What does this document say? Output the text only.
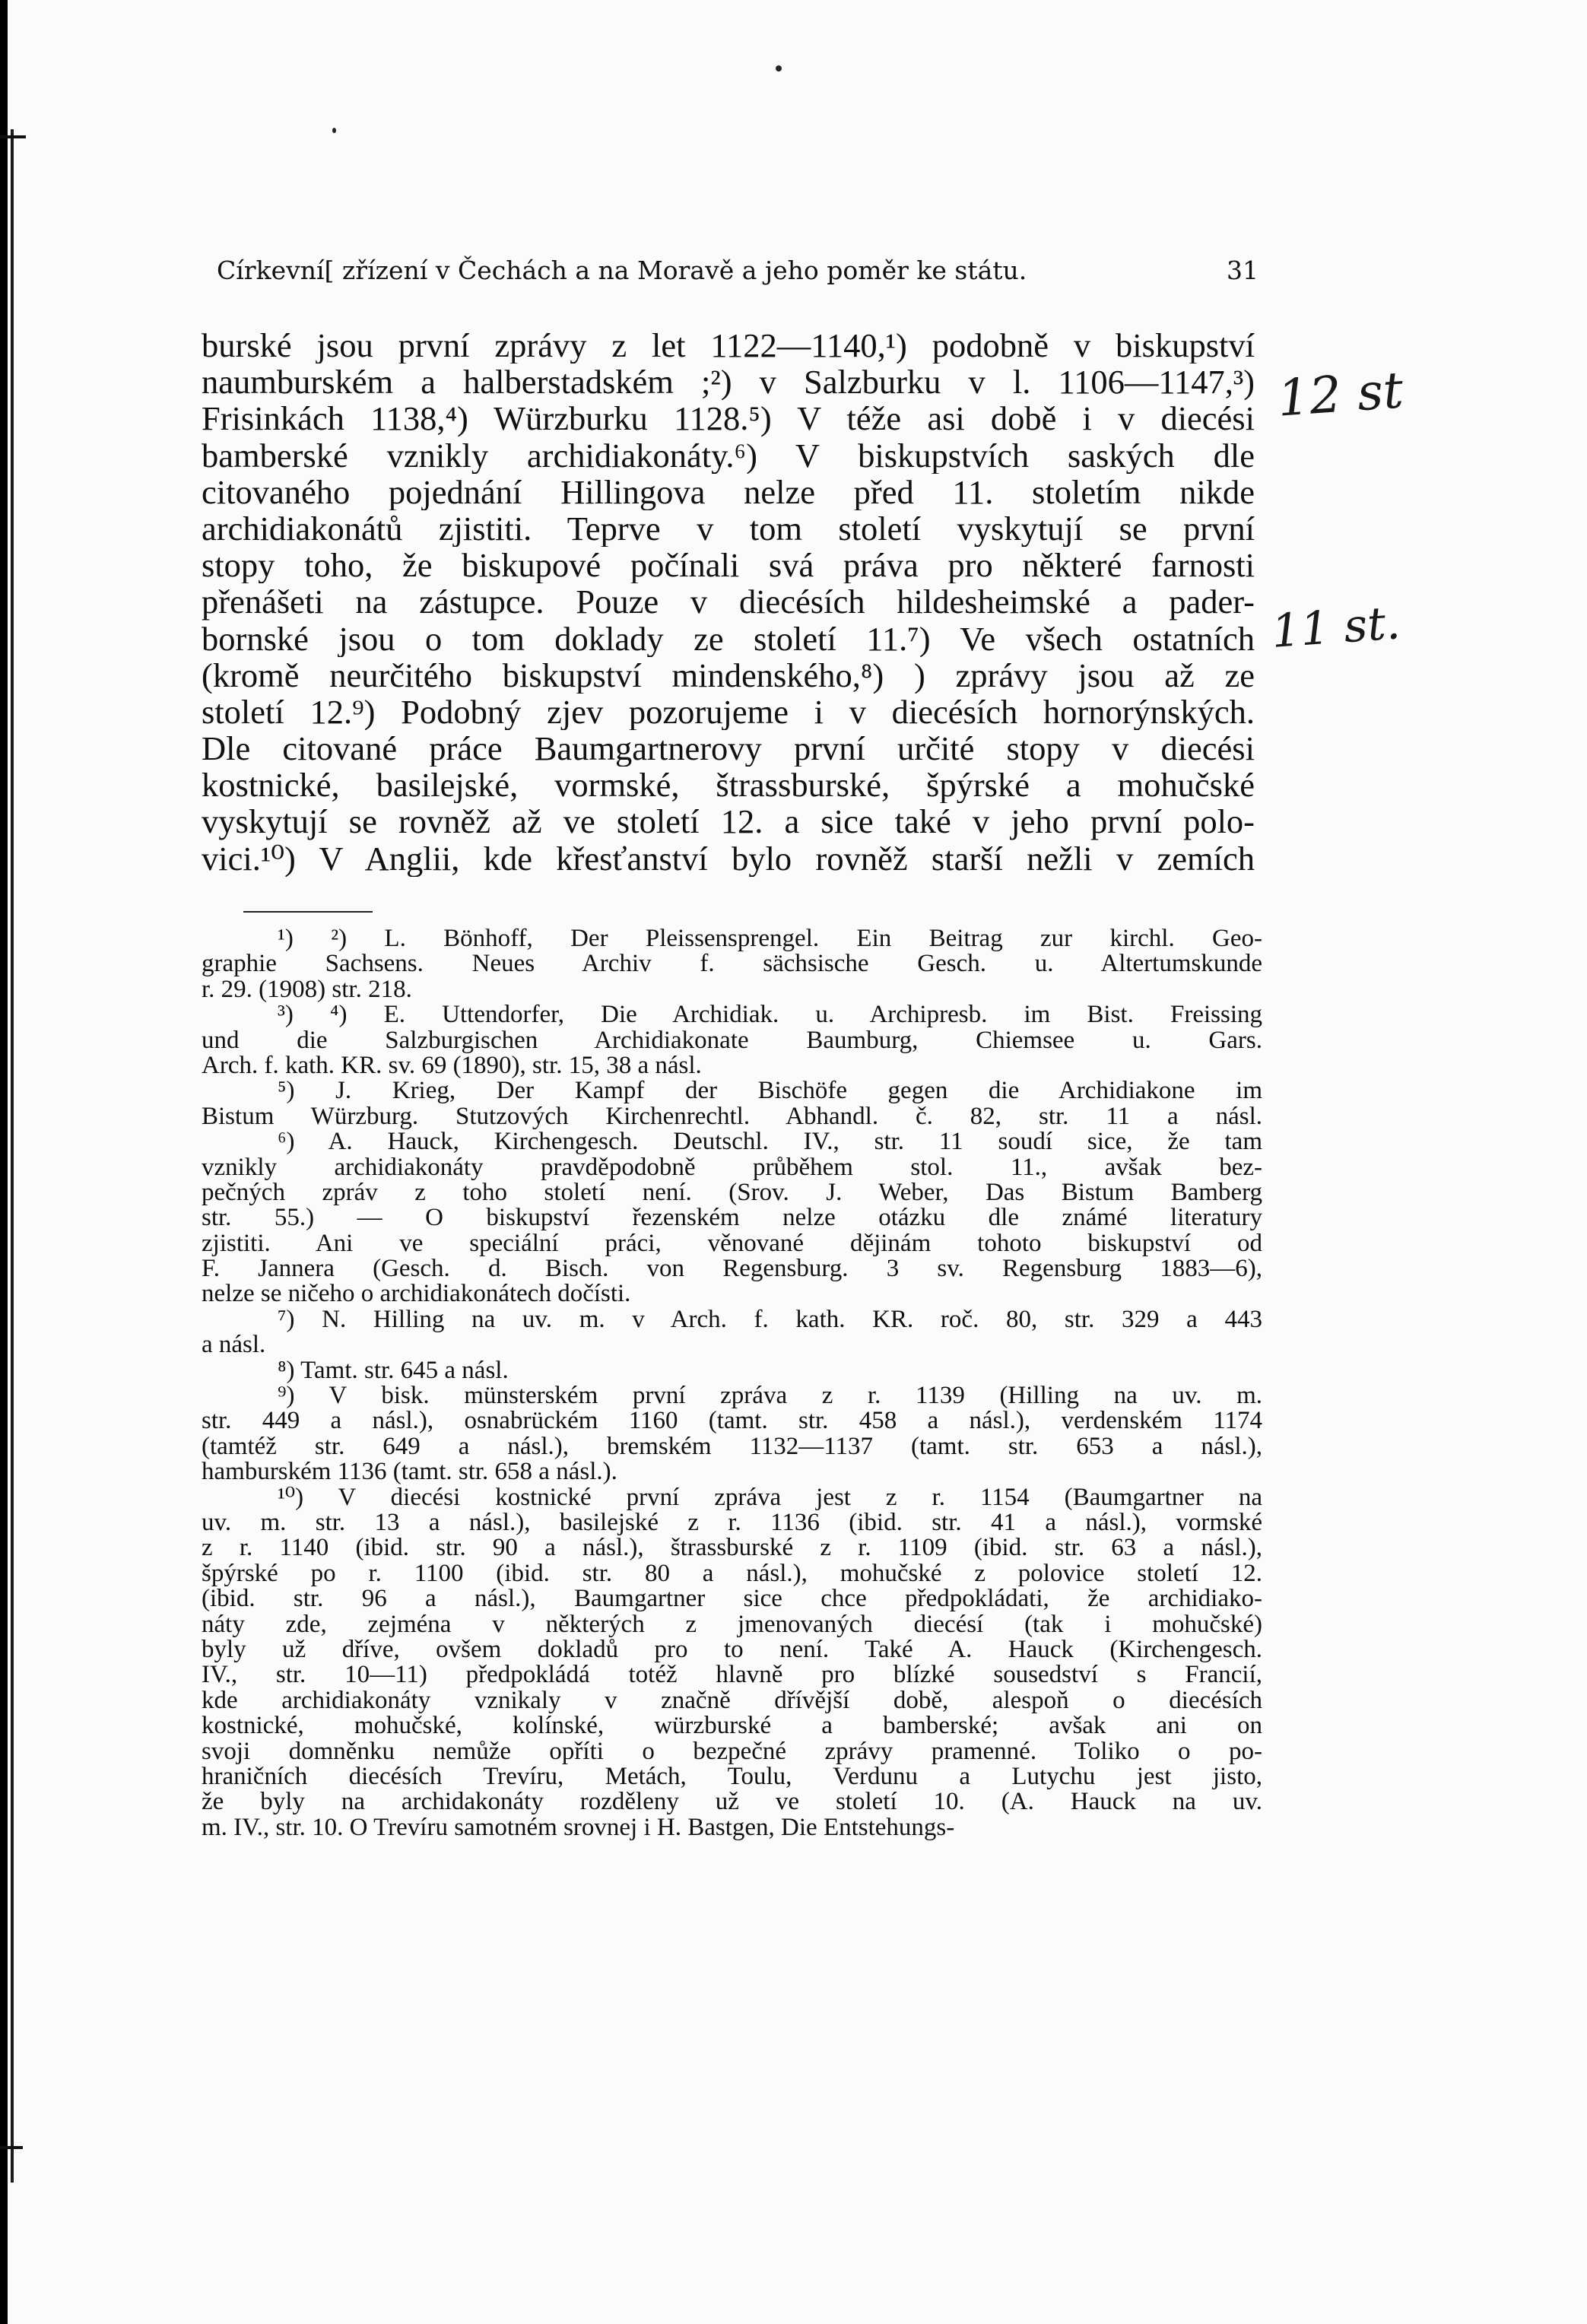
Církevní[ zřízení v Čechách a na Moravě a jeho poměr ke státu.	31
12 st
11 st.
burské jsou první zprávy z let 1122—1140,¹) podobně v biskupství
naumburském a halberstadském ;²) v Salzburku v l. 1106—1147,³)
Frisinkách 1138,⁴) Würzburku 1128.⁵) V téže asi době i v diecési
bamberské vznikly archidiakonáty.⁶) V biskupstvích saských dle
citovaného pojednání Hillingova nelze před 11. stoletím nikde
archidiakonátů zjistiti. Teprve v tom století vyskytují se první
stopy toho, že biskupové počínali svá práva pro některé farnosti
přenášeti na zástupce. Pouze v diecésích hildesheimské a pader-
bornské jsou o tom doklady ze století 11.⁷) Ve všech ostatních
(kromě neurčitého biskupství mindenského,⁸) ) zprávy jsou až ze
století 12.⁹) Podobný zjev pozorujeme i v diecésích hornorýnských.
Dle citované práce Baumgartnerovy první určité stopy v diecési
kostnické, basilejské, vormské, štrassburské, špýrské a mohučské
vyskytují se rovněž až ve století 12. a sice také v jeho první polo-
vici.¹⁰) V Anglii, kde křesťanství bylo rovněž starší nežli v zemích
¹) ²) L. Bönhoff, Der Pleissensprengel. Ein Beitrag zur kirchl. Geo-
graphie Sachsens. Neues Archiv f. sächsische Gesch. u. Altertumskunde
r. 29. (1908) str. 218.
³) ⁴) E. Uttendorfer, Die Archidiak. u. Archipresb. im Bist. Freissing
und die Salzburgischen Archidiakonate Baumburg, Chiemsee u. Gars.
Arch. f. kath. KR. sv. 69 (1890), str. 15, 38 a násl.
⁵) J. Krieg, Der Kampf der Bischöfe gegen die Archidiakone im
Bistum Würzburg. Stutzových Kirchenrechtl. Abhandl. č. 82, str. 11 a násl.
⁶) A. Hauck, Kirchengesch. Deutschl. IV., str. 11 soudí sice, že tam
vznikly archidiakonáty pravděpodobně průběhem stol. 11., avšak bez-
pečných zpráv z toho století není. (Srov. J. Weber, Das Bistum Bamberg
str. 55.) — O biskupství řezenském nelze otázku dle známé literatury
zjistiti. Ani ve speciální práci, věnované dějinám tohoto biskupství od
F. Jannera (Gesch. d. Bisch. von Regensburg. 3 sv. Regensburg 1883—6),
nelze se ničeho o archidiakonátech dočísti.
⁷) N. Hilling na uv. m. v Arch. f. kath. KR. roč. 80, str. 329 a 443
a násl.
⁸) Tamt. str. 645 a násl.
⁹) V bisk. münsterském první zpráva z r. 1139 (Hilling na uv. m.
str. 449 a násl.), osnabrückém 1160 (tamt. str. 458 a násl.), verdenském 1174
(tamtéž str. 649 a násl.), bremském 1132—1137 (tamt. str. 653 a násl.),
hamburském 1136 (tamt. str. 658 a násl.).
¹⁰) V diecési kostnické první zpráva jest z r. 1154 (Baumgartner na
uv. m. str. 13 a násl.), basilejské z r. 1136 (ibid. str. 41 a násl.), vormské
z r. 1140 (ibid. str. 90 a násl.), štrassburské z r. 1109 (ibid. str. 63 a násl.),
špýrské po r. 1100 (ibid. str. 80 a násl.), mohučské z polovice století 12.
(ibid. str. 96 a násl.), Baumgartner sice chce předpokládati, že archidiako-
náty zde, zejména v některých z jmenovaných diecésí (tak i mohučské)
byly už dříve, ovšem dokladů pro to není. Také A. Hauck (Kirchengesch.
IV., str. 10—11) předpokládá totéž hlavně pro blízké sousedství s Francií,
kde archidiakonáty vznikaly v značně dřívější době, alespoň o diecésích
kostnické, mohučské, kolínské, würzburské a bamberské; avšak ani on
svoji domněnku nemůže opříti o bezpečné zprávy pramenné. Toliko o po-
hraničních diecésích Trevíru, Metách, Toulu, Verdunu a Lutychu jest jisto,
že byly na archidakonáty rozděleny už ve století 10. (A. Hauck na uv.
m. IV., str. 10. O Trevíru samotném srovnej i H. Bastgen, Die Entstehungs-
